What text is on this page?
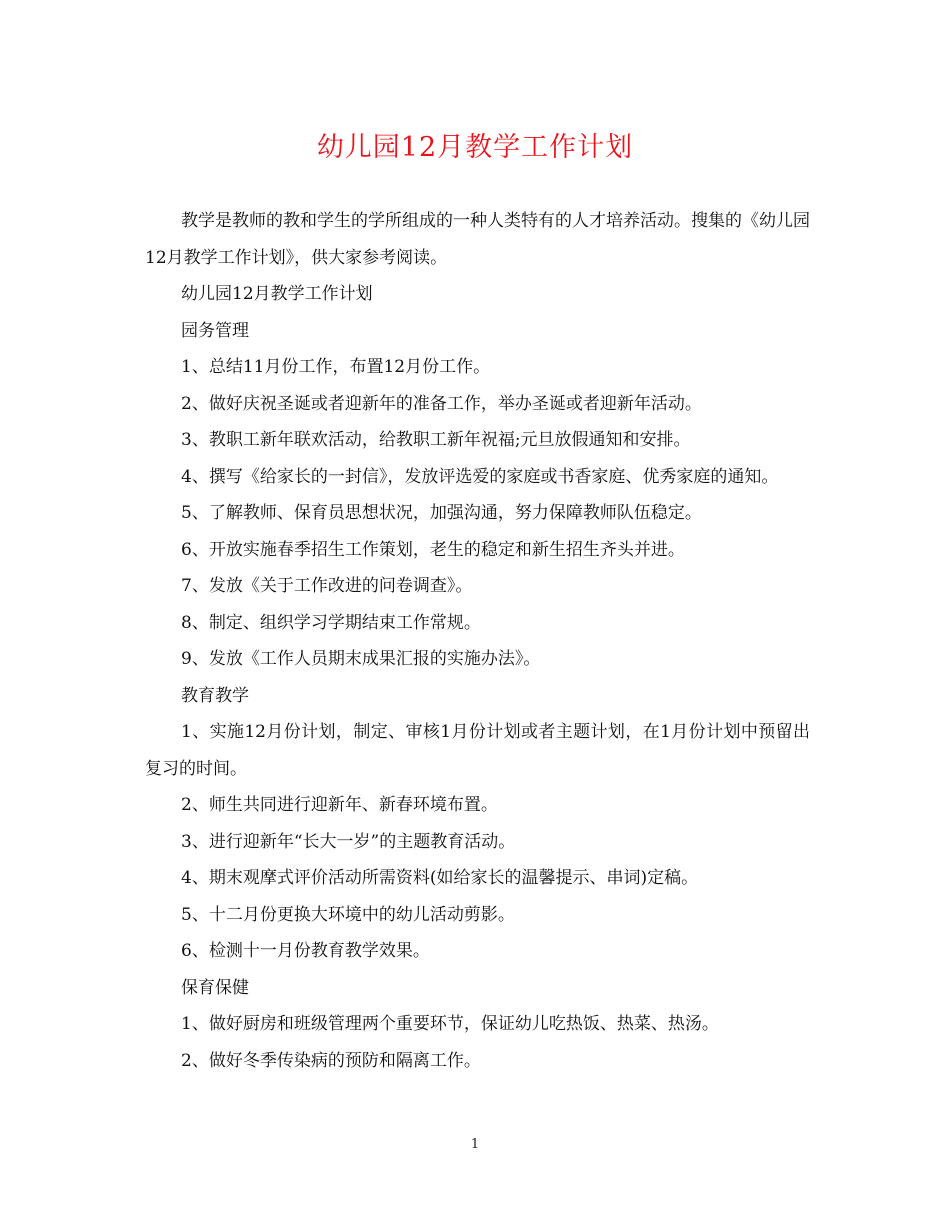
幼儿园12月教学工作计划

教学是教师的教和学生的学所组成的一种人类特有的人才培养活动。搜集的《幼儿园12月教学工作计划》，供大家参考阅读。

幼儿园12月教学工作计划

园务管理

1、总结11月份工作，布置12月份工作。

2、做好庆祝圣诞或者迎新年的准备工作，举办圣诞或者迎新年活动。

3、教职工新年联欢活动，给教职工新年祝福;元旦放假通知和安排。

4、撰写《给家长的一封信》，发放评选爱的家庭或书香家庭、优秀家庭的通知。

5、了解教师、保育员思想状况，加强沟通，努力保障教师队伍稳定。

6、开放实施春季招生工作策划，老生的稳定和新生招生齐头并进。

7、发放《关于工作改进的问卷调查》。

8、制定、组织学习学期结束工作常规。

9、发放《工作人员期末成果汇报的实施办法》。

教育教学

1、实施12月份计划，制定、审核1月份计划或者主题计划，在1月份计划中预留出复习的时间。

2、师生共同进行迎新年、新春环境布置。

3、进行迎新年“长大一岁”的主题教育活动。

4、期末观摩式评价活动所需资料(如给家长的温馨提示、串词)定稿。

5、十二月份更换大环境中的幼儿活动剪影。

6、检测十一月份教育教学效果。

保育保健

1、做好厨房和班级管理两个重要环节，保证幼儿吃热饭、热菜、热汤。

2、做好冬季传染病的预防和隔离工作。

1
